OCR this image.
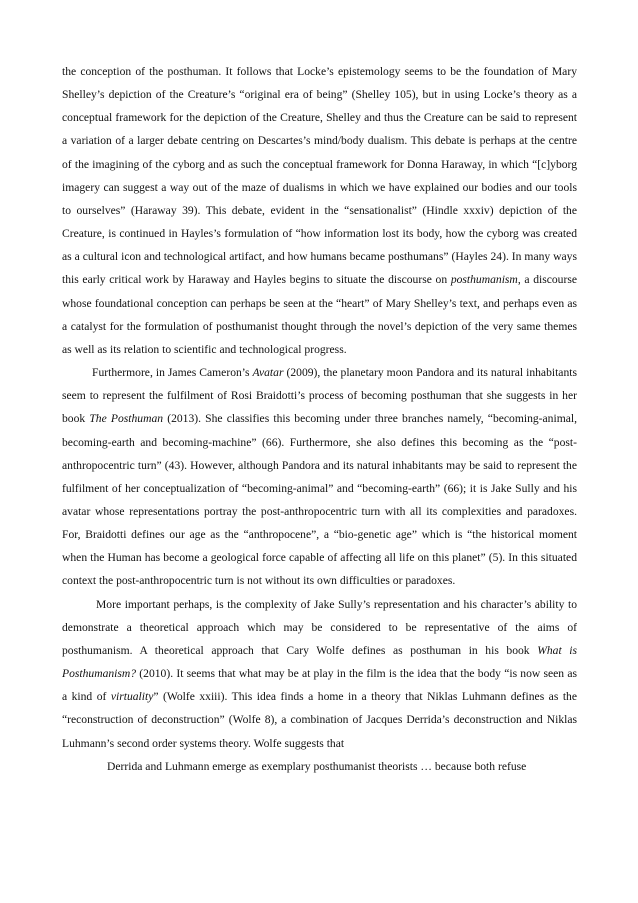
the conception of the posthuman. It follows that Locke’s epistemology seems to be the foundation of Mary Shelley’s depiction of the Creature’s “original era of being” (Shelley 105), but in using Locke’s theory as a conceptual framework for the depiction of the Creature, Shelley and thus the Creature can be said to represent a variation of a larger debate centring on Descartes’s mind/body dualism. This debate is perhaps at the centre of the imagining of the cyborg and as such the conceptual framework for Donna Haraway, in which “[c]yborg imagery can suggest a way out of the maze of dualisms in which we have explained our bodies and our tools to ourselves” (Haraway 39). This debate, evident in the “sensationalist” (Hindle xxxiv) depiction of the Creature, is continued in Hayles’s formulation of “how information lost its body, how the cyborg was created as a cultural icon and technological artifact, and how humans became posthumans” (Hayles 24). In many ways this early critical work by Haraway and Hayles begins to situate the discourse on posthumanism, a discourse whose foundational conception can perhaps be seen at the “heart” of Mary Shelley’s text, and perhaps even as a catalyst for the formulation of posthumanist thought through the novel’s depiction of the very same themes as well as its relation to scientific and technological progress.

Furthermore, in James Cameron’s Avatar (2009), the planetary moon Pandora and its natural inhabitants seem to represent the fulfilment of Rosi Braidotti’s process of becoming posthuman that she suggests in her book The Posthuman (2013). She classifies this becoming under three branches namely, “becoming-animal, becoming-earth and becoming-machine” (66). Furthermore, she also defines this becoming as the “post-anthropocentric turn” (43). However, although Pandora and its natural inhabitants may be said to represent the fulfilment of her conceptualization of “becoming-animal” and “becoming-earth” (66); it is Jake Sully and his avatar whose representations portray the post-anthropocentric turn with all its complexities and paradoxes. For, Braidotti defines our age as the “anthropocene”, a “bio-genetic age” which is “the historical moment when the Human has become a geological force capable of affecting all life on this planet” (5). In this situated context the post-anthropocentric turn is not without its own difficulties or paradoxes.

More important perhaps, is the complexity of Jake Sully’s representation and his character’s ability to demonstrate a theoretical approach which may be considered to be representative of the aims of posthumanism. A theoretical approach that Cary Wolfe defines as posthuman in his book What is Posthumanism? (2010). It seems that what may be at play in the film is the idea that the body “is now seen as a kind of virtuality” (Wolfe xxiii). This idea finds a home in a theory that Niklas Luhmann defines as the “reconstruction of deconstruction” (Wolfe 8), a combination of Jacques Derrida’s deconstruction and Niklas Luhmann’s second order systems theory. Wolfe suggests that

Derrida and Luhmann emerge as exemplary posthumanist theorists … because both refuse
